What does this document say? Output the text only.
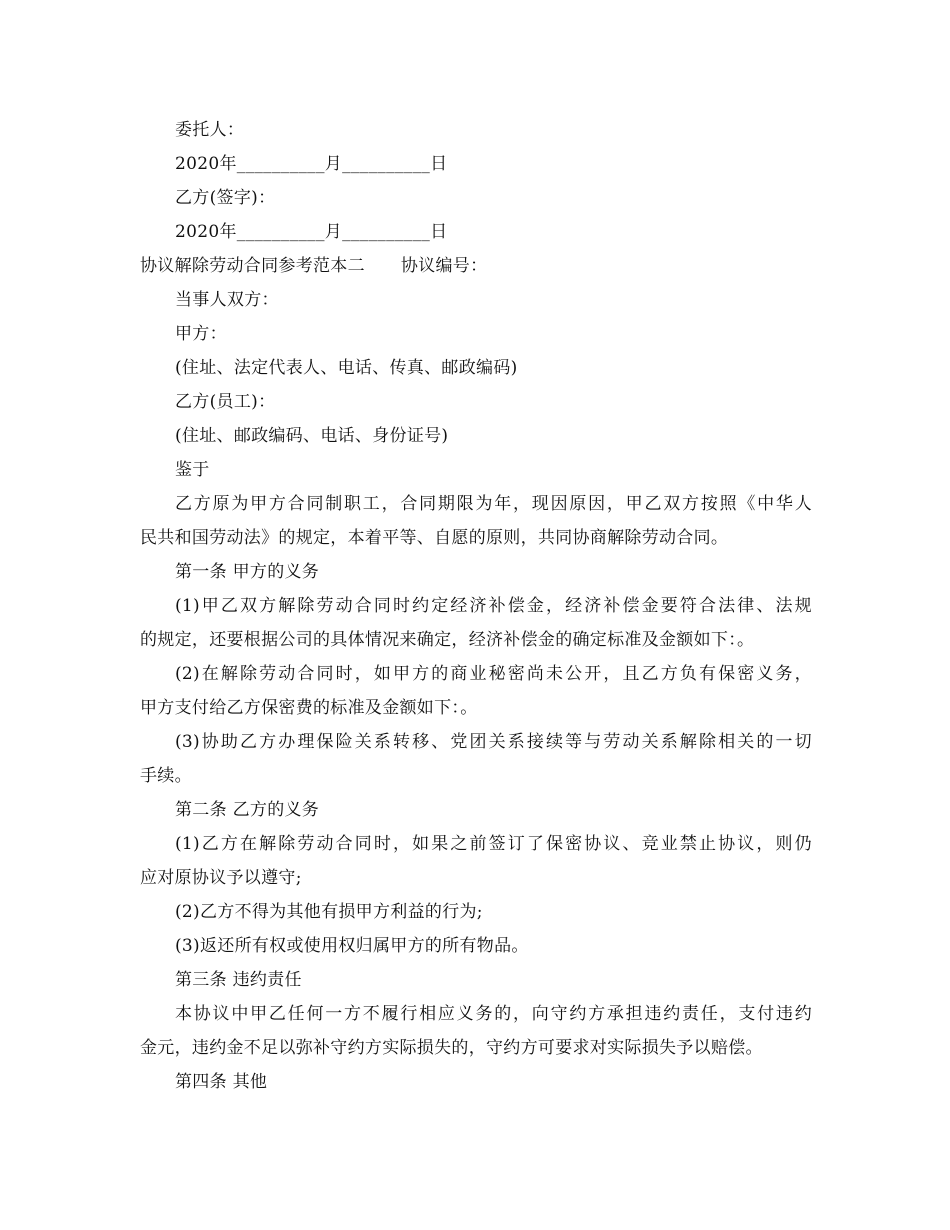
委托人：
2020年__________月__________日
乙方(签字)：
2020年__________月__________日
协议解除劳动合同参考范本二 协议编号：
当事人双方：
甲方：
(住址、法定代表人、电话、传真、邮政编码)
乙方(员工)：
(住址、邮政编码、电话、身份证号)
鉴于
乙方原为甲方合同制职工，合同期限为年，现因原因，甲乙双方按照《中华人
民共和国劳动法》的规定，本着平等、自愿的原则，共同协商解除劳动合同。
第一条 甲方的义务
(1)甲乙双方解除劳动合同时约定经济补偿金，经济补偿金要符合法律、法规
的规定，还要根据公司的具体情况来确定，经济补偿金的确定标准及金额如下：。
(2)在解除劳动合同时，如甲方的商业秘密尚未公开，且乙方负有保密义务，
甲方支付给乙方保密费的标准及金额如下：。
(3)协助乙方办理保险关系转移、党团关系接续等与劳动关系解除相关的一切
手续。
第二条 乙方的义务
(1)乙方在解除劳动合同时，如果之前签订了保密协议、竞业禁止协议，则仍
应对原协议予以遵守;
(2)乙方不得为其他有损甲方利益的行为;
(3)返还所有权或使用权归属甲方的所有物品。
第三条 违约责任
本协议中甲乙任何一方不履行相应义务的，向守约方承担违约责任，支付违约
金元，违约金不足以弥补守约方实际损失的，守约方可要求对实际损失予以赔偿。
第四条 其他
